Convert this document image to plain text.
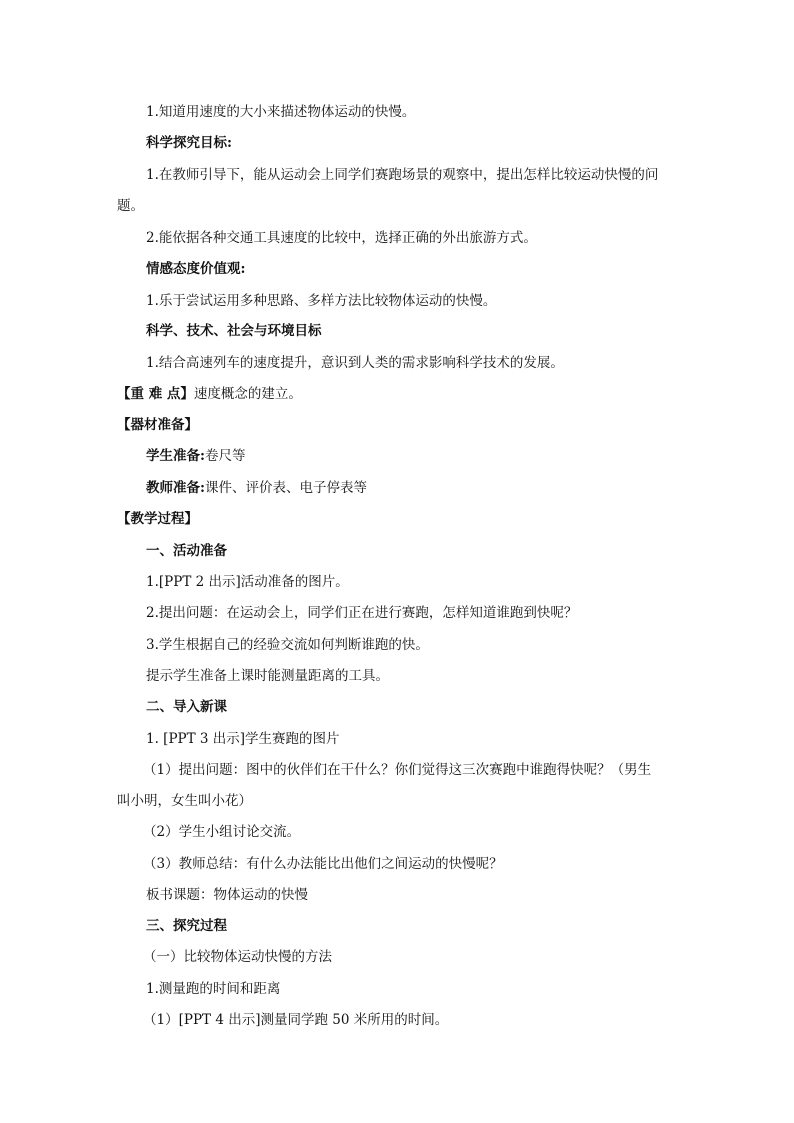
1.知道用速度的大小来描述物体运动的快慢。
科学探究目标:
1.在教师引导下，能从运动会上同学们赛跑场景的观察中，提出怎样比较运动快慢的问
题。
2.能依据各种交通工具速度的比较中，选择正确的外出旅游方式。
情感态度价值观:
1.乐于尝试运用多种思路、多样方法比较物体运动的快慢。
科学、技术、社会与环境目标
1.结合高速列车的速度提升，意识到人类的需求影响科学技术的发展。
【重 难 点】速度概念的建立。
【器材准备】
学生准备:卷尺等
教师准备:课件、评价表、电子停表等
【教学过程】
一、活动准备
1.[PPT 2 出示]活动准备的图片。
2.提出问题：在运动会上，同学们正在进行赛跑，怎样知道谁跑到快呢？
3.学生根据自己的经验交流如何判断谁跑的快。
提示学生准备上课时能测量距离的工具。
二、导入新课
1. [PPT 3 出示]学生赛跑的图片
（1）提出问题：图中的伙伴们在干什么？你们觉得这三次赛跑中谁跑得快呢？（男生
叫小明，女生叫小花）
（2）学生小组讨论交流。
（3）教师总结：有什么办法能比出他们之间运动的快慢呢？
板书课题：物体运动的快慢
三、探究过程
（一）比较物体运动快慢的方法
1.测量跑的时间和距离
（1）[PPT 4 出示]测量同学跑 50 米所用的时间。
